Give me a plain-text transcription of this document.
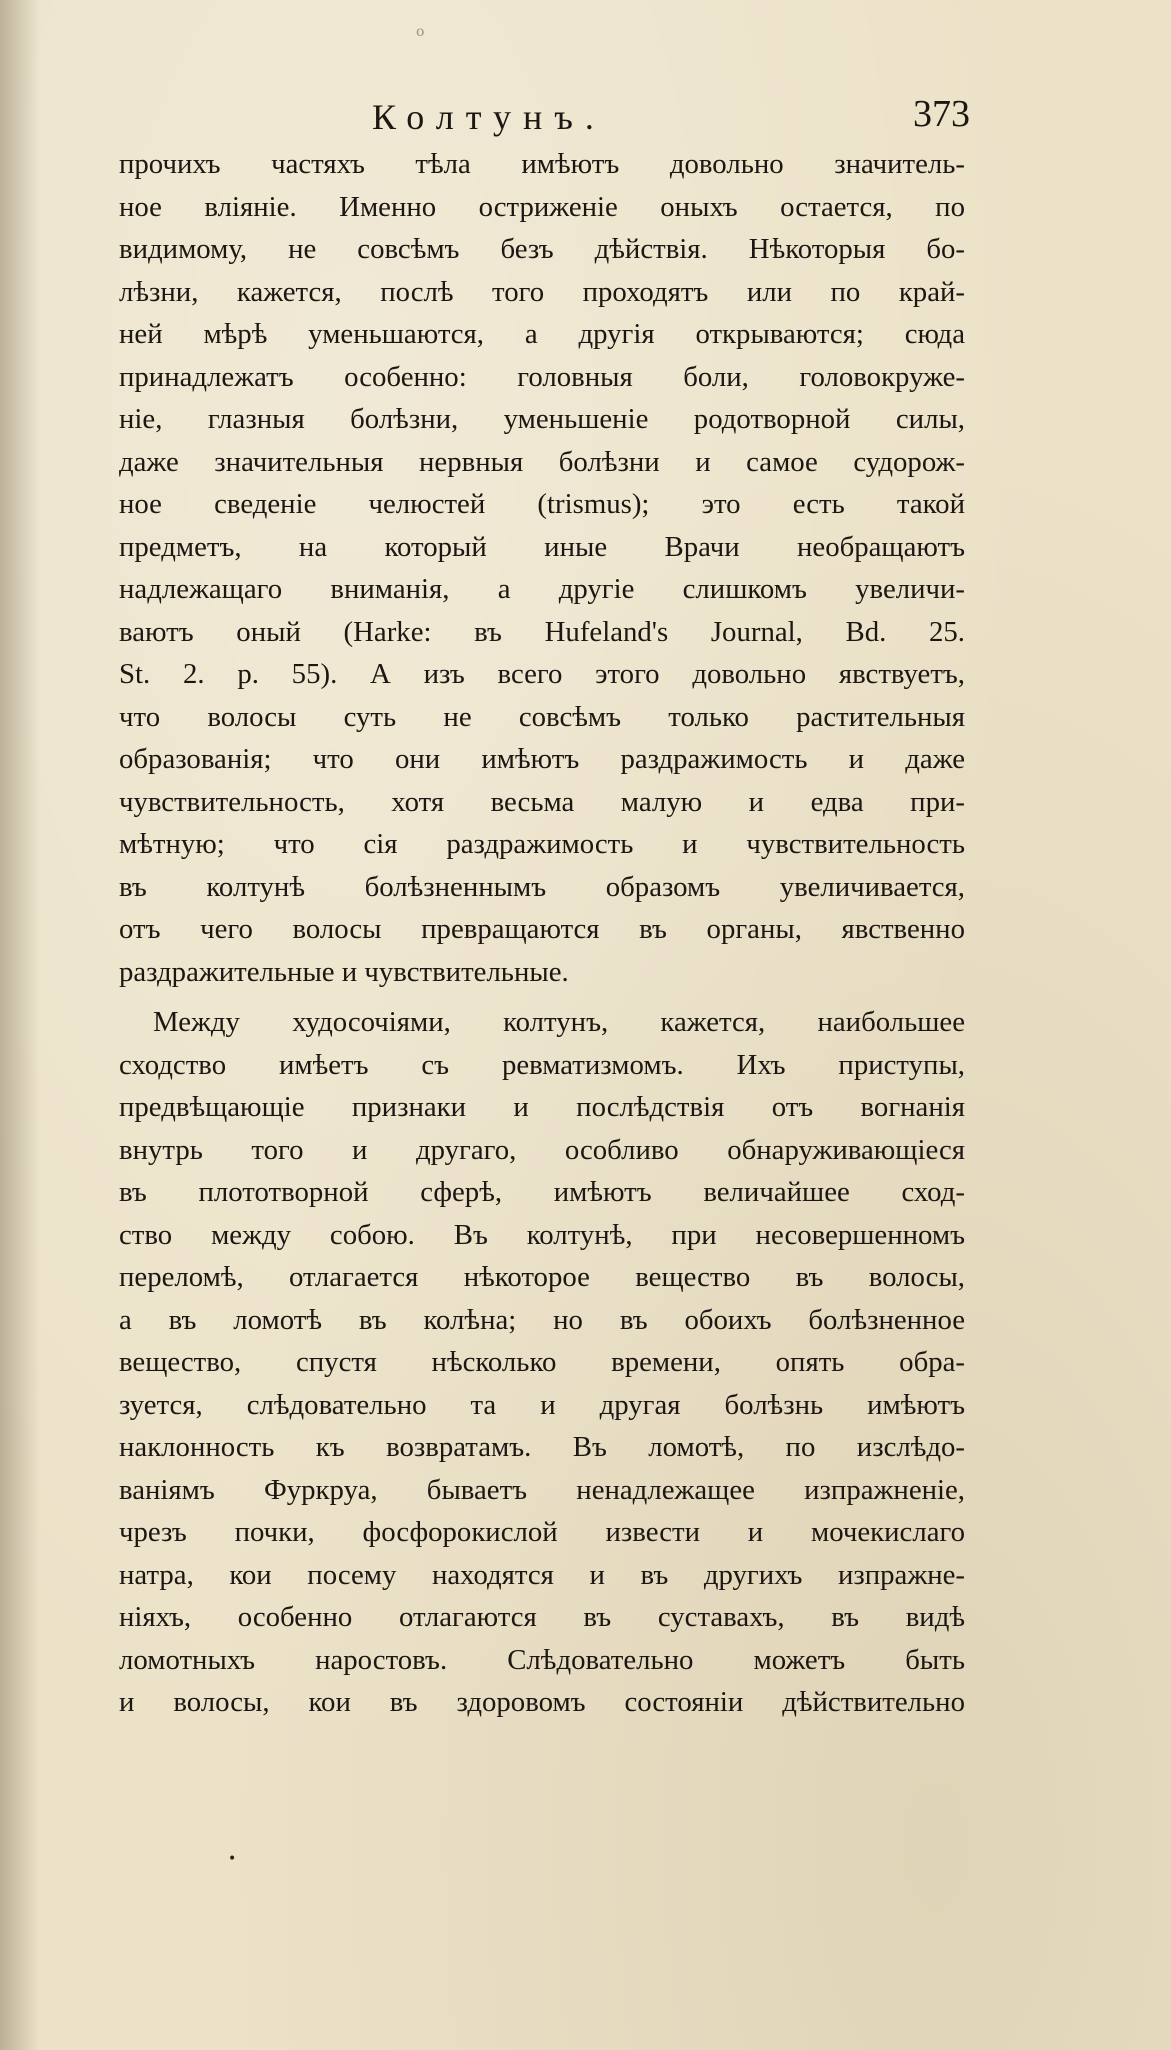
o
Колтунъ.	373
прочихъ частяхъ тѣла имѣютъ довольно значитель-
ное вліяніе. Именно остриженіе оныхъ остается, по
видимому, не совсѣмъ безъ дѣйствія. Нѣкоторыя бо-
лѣзни, кажется, послѣ того проходятъ или по край-
ней мѣрѣ уменьшаются, а другія открываются; сюда
принадлежатъ особенно: головныя боли, головокруже-
ніе, глазныя болѣзни, уменьшеніе родотворной силы,
даже значительныя нервныя болѣзни и самое судорож-
ное сведеніе челюстей (trismus); это есть такой
предметъ, на который иные Врачи необращаютъ
надлежащаго вниманія, а другіе слишкомъ увеличи-
ваютъ оный (Harke: въ Hufeland's Journal, Bd. 25.
St. 2. p. 55). А изъ всего этого довольно явствуетъ,
что волосы суть не совсѣмъ только растительныя
образованія; что они имѣютъ раздражимость и даже
чувствительность, хотя весьма малую и едва при-
мѣтную; что сія раздражимость и чувствительность
въ колтунѣ болѣзненнымъ образомъ увеличивается,
отъ чего волосы превращаются въ органы, явственно
раздражительные и чувствительные.
Между худосочіями, колтунъ, кажется, наибольшее
сходство имѣетъ съ ревматизмомъ. Ихъ приступы,
предвѣщающіе признаки и послѣдствія отъ вогнанія
внутрь того и другаго, особливо обнаруживающіеся
въ плототворной сферѣ, имѣютъ величайшее сход-
ство между собою. Въ колтунѣ, при несовершенномъ
переломѣ, отлагается нѣкоторое вещество въ волосы,
а въ ломотѣ въ колѣна; но въ обоихъ болѣзненное
вещество, спустя нѣсколько времени, опять обра-
зуется, слѣдовательно та и другая болѣзнь имѣютъ
наклонность къ возвратамъ. Въ ломотѣ, по изслѣдо-
ваніямъ Фуркруа, бываетъ ненадлежащее изпражненіе,
чрезъ почки, фосфорокислой извести и мочекислаго
натра, кои посему находятся и въ другихъ изпражне-
ніяхъ, особенно отлагаются въ суставахъ, въ видѣ
ломотныхъ наростовъ. Слѣдовательно можетъ быть
и волосы, кои въ здоровомъ состояніи дѣйствительно
•
